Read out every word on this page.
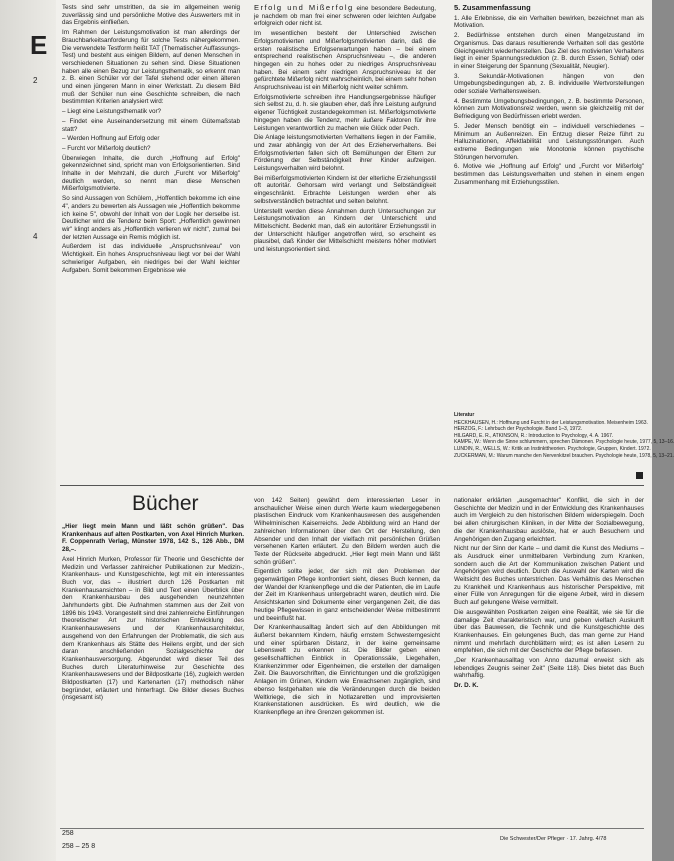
E
2
4

Tests sind sehr umstritten, da sie im allgemeinen wenig zuverlässig sind und persönliche Motive des Auswerters mit in das Ergebnis einfließen.

Im Rahmen der Leistungsmotivation ist man allerdings der Brauchbarkeitsanforderung für solche Tests nähergekommen. Die verwendete Testform heißt TAT (Thematischer Auffassungs-Test) und besteht aus einigen Bildern, auf denen Menschen in verschiedenen Situationen zu sehen sind. Diese Situationen haben alle einen Bezug zur Leistungsthematik, so erkennt man z. B. einen Schüler vor der Tafel stehend oder einen älteren und einen jüngeren Mann in einer Werkstatt. Zu diesem Bild muß der Schüler nun eine Geschichte schreiben, die nach bestimmten Kriterien analysiert wird:

– Liegt eine Leistungsthematik vor?

– Findet eine Auseinandersetzung mit einem Gütemaßstab statt?

– Werden Hoffnung auf Erfolg oder

– Furcht vor Mißerfolg deutlich?

Überwiegen Inhalte, die durch „Hoffnung auf Erfolg" gekennzeichnet sind, spricht man von Erfolgsorientierten. Sind Inhalte in der Mehrzahl, die durch „Furcht vor Mißerfolg" deutlich werden, so nennt man diese Menschen Mißerfolgsmotivierte.

So sind Aussagen von Schülern, „Hoffentlich bekomme ich eine 4", anders zu bewerten als Aussagen wie „Hoffentlich bekomme ich keine 5", obwohl der Inhalt von der Logik her derselbe ist. Deutlicher wird die Tendenz beim Sport: „Hoffentlich gewinnen wir" klingt anders als „Hoffentlich verlieren wir nicht", zumal bei der letzten Aussage ein Remis möglich ist.

Außerdem ist das individuelle „Anspruchsniveau" von Wichtigkeit. Ein hohes Anspruchsniveau liegt vor bei der Wahl schwieriger Aufgaben, ein niedriges bei der Wahl leichter Aufgaben. Somit bekommen Ergebnisse wie

Erfolg und Mißerfolg eine besondere Bedeutung, je nachdem ob man frei einer schweren oder leichten Aufgabe erfolgreich oder nicht ist.

Im wesentlichen besteht der Unterschied zwischen Erfolgsmotivierten und Mißerfolgsmotivierten darin, daß die ersten realistische Erfolgserwartungen haben – bei einem entsprechend realistischen Anspruchsniveau –, die anderen hingegen ein zu hohes oder zu niedriges Anspruchsniveau haben. Bei einem sehr niedrigen Anspruchsniveau ist der gefürchtete Mißerfolg nicht wahrscheinlich, bei einem sehr hohen Anspruchsniveau ist ein Mißerfolg nicht weiter schlimm.

Erfolgsmotivierte schreiben ihre Handlungsergebnisse häufiger sich selbst zu, d. h. sie glauben eher, daß ihre Leistung aufgrund eigener Tüchtigkeit zustandegekommen ist. Mißerfolgsmotivierte hingegen haben die Tendenz, mehr äußere Faktoren für ihre Leistungen verantwortlich zu machen wie Glück oder Pech.

Die Anlage leistungsmotivierten Verhaltens liegen in der Familie, und zwar abhängig von der Art des Erzieherverhaltens. Bei Erfolgsmotivierten fallen sich oft Bemühungen der Eltern zur Förderung der Selbständigkeit ihrer Kinder aufzeigen. Leistungsverhalten wird belohnt.

Bei mißerfolgsmotivierten Kindern ist der elterliche Erziehungsstil oft autoritär. Gehorsam wird verlangt und Selbständigkeit eingeschränkt. Erbrachte Leistungen werden eher als selbstverständlich betrachtet und selten belohnt.

Unterstellt werden diese Annahmen durch Untersuchungen zur Leistungsmotivation an Kindern der Unterschicht und Mittelschicht. Bedenkt man, daß ein autoritärer Erziehungsstil in der Unterschicht häufiger angetroffen wird, so erscheint es plausibel, daß Kinder der Mittelschicht meistens höher motiviert und leistungsorientiert sind.

5. Zusammenfassung

1. Alle Erlebnisse, die ein Verhalten bewirken, bezeichnet man als Motivation.

2. Bedürfnisse entstehen durch einen Mangelzustand im Organismus. Das daraus resultierende Verhalten soll das gestörte Gleichgewicht wiederherstellen. Das Ziel des motivierten Verhaltens liegt in einer Spannungsreduktion (z. B. durch Essen, Schlaf) oder in einer Steigerung der Spannung (Sexualität, Neugier).

3. Sekundär-Motivationen hängen von den Umgebungsbedingungen ab, z. B. individuelle Wertvorstellungen oder soziale Verhaltensweisen.

4. Bestimmte Umgebungsbedingungen, z. B. bestimmte Personen, können zum Motivationsreiz werden, wenn sie gleichzeitig mit der Befriedigung von Bedürfnissen erlebt werden.

5. Jeder Mensch benötigt ein – individuell verschiedenes – Minimum an Außenreizen. Ein Entzug dieser Reize führt zu Halluzinationen, Affektlabilität und Leistungsstörungen. Auch extreme Bedingungen wie Monotonie können psychische Störungen hervorrufen.

6. Motive wie „Hoffnung auf Erfolg" und „Furcht vor Mißerfolg" bestimmen das Leistungsverhalten und stehen in einem engen Zusammenhang mit Erziehungsstilen.

Literatur
HECKHAUSEN, H.: Hoffnung und Furcht in der Leistungsmotivation. Meisenheim 1963.
HERZOG, F.: Lehrbuch der Psychologie. Band 1–3, 1972.
HILGARD, E. R., ATKINSON, R.: Introduction to Psychology, 4. A. 1967.
KAMPE, W.: Wenn die Sinne schlummern, sprechen Dämonen. Psychologie heute, 1977, 5, 13–16.
LUNDIN, R., WELLS, W.: Kritik an Instinkttheorien. Psychologie, Gruppen, Kindert. 1972.
ZUCKERMAN, M.: Warum manche den Nervenkitzel brauchen. Psychologie heute, 1978, 5, 13–21.
Bücher

„Hier liegt mein Mann und läßt schön grüßen". Das Krankenhaus auf alten Postkarten, von Axel Hinrich Murken. F. Coppenrath Verlag, Münster 1978, 142 S., 126 Abb., DM 28,–.

Axel Hinrich Murken, Professor für Theorie und Geschichte der Medizin und Verfasser zahlreicher Publikationen zur Medizin-, Krankenhaus- und Kunstgeschichte, legt mit ein interessantes Buch vor, das – illustriert durch 126 Postkarten mit Krankenhausansichten – in Bild und Text einen Überblick über den Krankenhausbau des ausgehenden neunzehnten Jahrhunderts gibt. Die Aufnahmen stammen aus der Zeit von 1896 bis 1943. Vorangestellt sind drei zahlenreiche Einführungen theoretischer Art zur historischen Entwicklung des Krankenhauswesens und der Krankenhausarchitektur, ausgehend von den Erfahrungen der Problematik, die sich aus dem Krankenhaus als Stätte des Heilens ergibt, und der sich daran anschließenden Sozialgeschichte der Krankenhausversorgung. Abgerundet wird dieser Teil des Buches durch Literaturhinweise zur Geschichte des Krankenhauswesens und der Bildpostkarte (16), zugleich werden Bildpostkarten (17) und Kartenarten (17) methodisch näher begründet, erläutert und hinterfragt. Die Bilder dieses Buches (insgesamt ist)

von 142 Seiten) gewährt dem interessierten Leser in anschaulicher Weise einen durch Werte kaum wiedergegebenen plastischen Eindruck vom Krankenhauswesen des ausgehenden Wilhelminischen Kaiserreichs. Jede Abbildung wird an Hand der zahlreichen Informationen über den Ort der Herstellung, den Absender und den Inhalt der vielfach mit persönlichen Grüßen versehenen Karten erläutert. Zu den Bildern werden auch die Texte der Rückseite abgedruckt. „Hier liegt mein Mann und läßt schön grüßen".

Eigentlich sollte jeder, der sich mit den Problemen der gegenwärtigen Pflege konfrontiert sieht, dieses Buch kennen, da der Wandel der Krankenpflege und die der Patienten, die im Laufe der Zeit im Krankenhaus untergebracht waren, deutlich wird. Die Ansichtskarten sind Dokumente einer vergangenen Zeit, die das heutige Pflegewissen in ganz entscheidender Weise mitbestimmt und beeinflußt hat.

Der Krankenhausalltag ändert sich auf den Abbildungen mit äußerst bekanntem Kindern, häufig ernstem Schwesterngesicht und einer spürbaren Distanz, in der keine gemeinsame Lebenswelt zu erkennen ist. Die Bilder geben einen gesellschaftlichen Einblick in Operationssäle, Liegehallen, Krankenzimmer oder Eigenheimen, die erstellen der damaligen Zeit. Die Bauvorschriften, die Einrichtungen und die großzügigen Anlagen im Grünen, Kindern wie Erwachsenen zugänglich, sind ebenso festgehalten wie die Veränderungen durch die beiden Weltkriege, die sich in Notlazaretten und improvisierten Krankenstationen ausdrücken. Es wird deutlich, wie die Krankenpflege an ihre Grenzen gekommen ist.

nationaler erklärten „ausgemachter" Konflikt, die sich in der Geschichte der Medizin und in der Entwicklung des Krankenhauses auch im Vergleich zu den historischen Bildern widerspiegeln. Doch bei allen chirurgischen Kliniken, in der Mitte der Sozialbewegung, die der Krankenhausbau auslöste, hat er auch Besuchern und Angehörigen den Zugang erleichtert.

Nicht nur der Sinn der Karte – und damit die Kunst des Mediums – als Ausdruck einer unmittelbaren Verbindung zum Kranken, sondern auch die Art der Kommunikation zwischen Patient und Angehörigen wird deutlich. Durch die Auswahl der Karten wird die Weitsicht des Buches unterstrichen. Das Verhältnis des Menschen zu Krankheit und Krankenhaus aus historischer Perspektive, mit einer Fülle von Anregungen für die eigene Arbeit, wird in diesem Buch auf gelungene Weise vermittelt.

Die ausgewählten Postkarten zeigen eine Realität, wie sie für die damalige Zeit charakteristisch war, und geben vielfach Auskunft über das Bauwesen, die Technik und die Kunstgeschichte des Krankenhauses. Ein gelungenes Buch, das man gerne zur Hand nimmt und mehrfach durchblättern wird; es ist allen Lesern zu empfehlen, die sich mit der Geschichte der Pflege befassen.

„Der Krankenhausalltag von Anno dazumal erweist sich als lebendiges Zeugnis seiner Zeit" (Seite 118). Dies bietet das Buch wahrhaftig.

Dr. D. K.

258
258 – 25 8
Die Schwester/Der Pfleger · 17. Jahrg. 4/78
